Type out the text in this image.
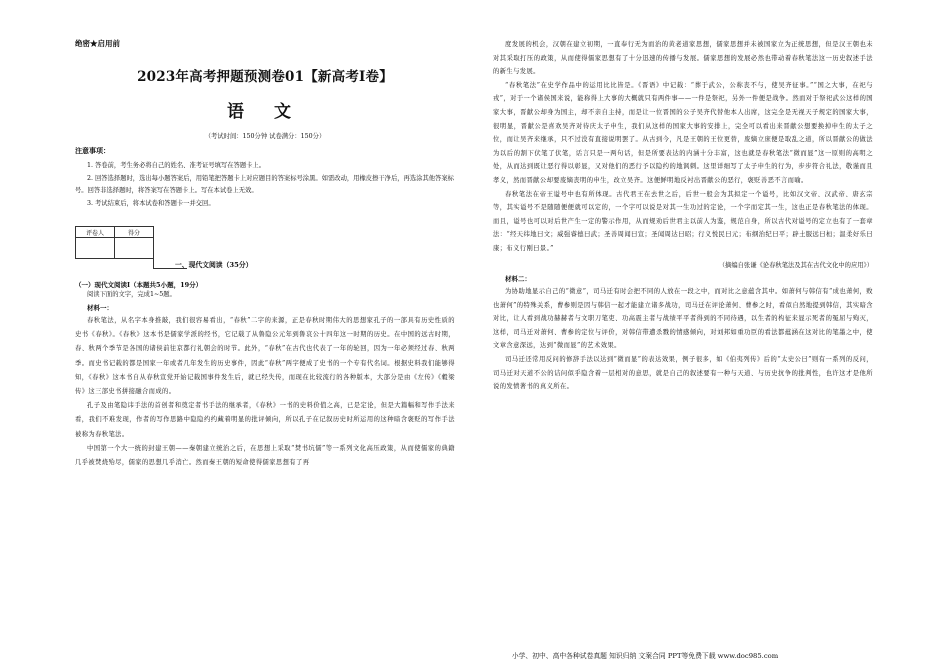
绝密★启用前
2023年高考押题预测卷01【新高考Ⅰ卷】
语 文
（考试时间：150分钟 试卷满分：150分）
注意事项：
1. 答卷前，考生务必将自己的姓名、准考证号填写在答题卡上。
2. 回答选择题时，选出每小题答案后，用铅笔把答题卡上对应题目的答案标号涂黑。如需改动，用橡皮擦干净后，再选涂其他答案标号。回答非选择题时，将答案写在答题卡上。写在本试卷上无效。
3. 考试结束后，将本试卷和答题卡一并交回。
评卷人	得分

一、现代文阅读（35分）
（一）现代文阅读Ⅰ（本题共5小题，19分）
阅读下面的文字，完成1~5题。
材料一：

春秋笔法，从名字本身推敲，我们很容易看出，“春秋”二字的来源，正是春秋时期伟大的思想家孔子的一部具有历史性质的史书《春秋》。《春秋》这本书是儒家学派的经书，它记载了从鲁隐公元年到鲁哀公十四年这一时期的历史。在中国的远古时期，春、秋两个季节是各国的诸侯前往京都行礼朝会的时节。此外，“春秋”在古代也代表了一年的轮回，因为一年必须经过春、秋两季。而史书记载的都是国家一年或者几年发生的历史事件，因此“春秋”两字便成了史书的一个专有代名词。根据史料我们能够得知，《春秋》这本书自从春秋宣党开始记载国事件发生后，就已经失传，而现在比较流行的各种版本，大部分是由《左传》《穀梁传》这三部史书拼接融合而成的。

孔子及由笔隐讳手法的首创者和奠定者书手法的继承者，《春秋》一书的史料价值之高，已是定论，但是大篇幅和写作手法来看，我们不难发现，作者的写作思路中隐隐约约藏着明显的批评倾向，所以孔子在记叙历史时所运用的这种暗含褒贬的写作手法被称为春秋笔法。

中国第一个大一统的封建王朝——秦朝建立统治之后，在思想上采取“焚书坑儒”等一系列文化高压政策，从而使儒家的典籍几乎被焚烧殆尽，儒家的思想几乎消亡。然而秦王朝的短命使得儒家思想有了再

度发展的机会，汉朝在建立初期，一直奉行无为而治的黄老道家思想，儒家思想并未被国家立为正统思想，但是汉王朝也未对其采取打压的政策，从而使得儒家思想有了十分迅速的传播与发展。儒家思想的发展必然也带动着春秋笔法这一历史叙述手法的新生与发展。

“春秋笔法”在史学作品中的运用比比皆是。《晋语》中记载：“葬于武公，公称丧不与，使吴齐征事。”“国之大事，在祀与戎”，对于一个诸侯国来说，能称得上大事的大概就只有两件事——一件是祭祀，另外一件便是战争。然而对于祭祀武公这样的国家大事，晋献公却身为国主，却不亲自主持，而是让一位晋国的公子吴齐代替他本人出席，这完全是无视天子规定的国家大事，很明显，晋献公是喜欢吴齐对待庆太子申生，我们从这样的国家大事的安排上，完全可以看出来晋献公想要换掉申生的太子之位，而让吴齐来继承，只不过没有直接说明罢了。从古到今，凡是王朝的王位更替，废嫡立庶便是取乱之道，所以晋献公的做法为以后的割下伏笔了伏笔，话言只是一两句话，但是所要表达的内涵十分丰富，这也就是春秋笔法“微而显”这一原则的高明之处，从而达到既让恶行得以彰显，又对他们的恶行予以隐约的地讽刺。这里详细写了太子申生的行为，步步符合礼法，敬谨而且孝义，然而晋献公却要废嫡丧明的申生，改立吴齐。这便鲜明地反衬出晋献公的恶行，褒贬善恶不言而喻。

春秋笔法在帝王谥号中也有所体现。古代君王在去世之后，后世一般会为其拟定一个谥号，比如汉文帝、汉武帝、唐玄宗等，其实谥号不是随随便便就可以定的，一个字可以说是对其一生功过的定论，一个字而定其一生，这也正是春秋笔法的体现。而且，谥号也可以对后世产生一定的警示作用，从而规劝后世君主以前人为鉴，规范自身，所以古代对谥号的定立也有了一套章法：“经天纬地曰文；威强睿德曰武；圣善周闻曰宣；圣闻周达曰昭；行义悦民曰元；布纲治纪曰平；辟土服远曰桓；温柔好乐曰康；布义行刚曰景。”

（摘编自张谦《论春秋笔法及其在古代文化中的应用》）
材料二：

为协助地显示自己的“微意”，司马迁有时会把不同的人放在一段之中，而对比之意蕴含其中。如萧何与韩信有“成也萧何，败也萧何”的特殊关系，曹参则是因与韩信一起才能建立诸多战功，司马迁在评论萧何、曹参之时，看似自然地提到韩信，其实暗含对比，让人看到战功赫赫者与文职刀笔吏、功高震主者与战绩平平者得到的不同待遇，以生者的构征来显示死者的冤屈与殉灭，这样，司马迁对萧何、曹参的定位与评价，对韩信带遭杀戮的情感倾向，对刘邦如重功臣的看法都蕴涵在这对比的笔墨之中，使文章含意深远，达到“微而显”的艺术效果。

司马迁还常用反问的修辞手法以达到“微而显”的表达效果，例子很多，如《伯夷列传》后的“太史公曰”则有一系列的反问，司马迁对天道不公的诘问似乎隐含着一层相对的意思，就是自己的叙述要有一种与天道、与历史抗争的批判性，也许这才是他所说的发愤著书的真义所在。

小学、初中、高中各种试卷真题 知识归纳 文案合同 PPT等免费下载 www.doc985.com
